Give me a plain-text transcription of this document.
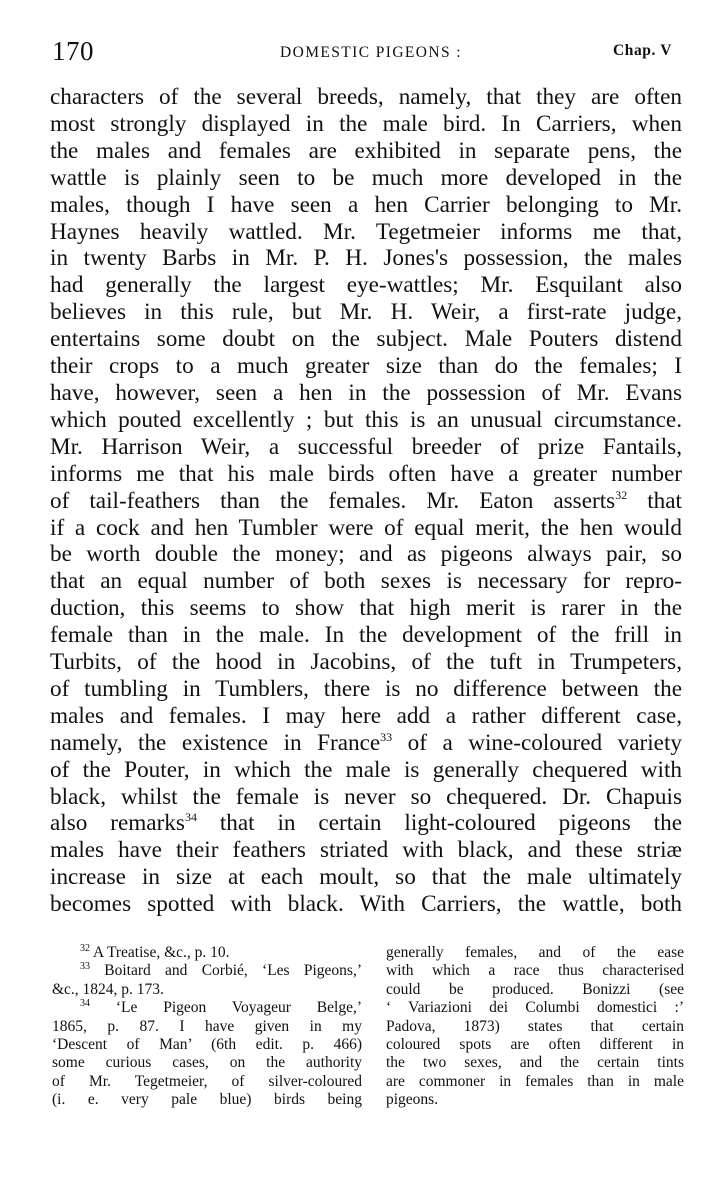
170	DOMESTIC PIGEONS :	Chap. V
characters of the several breeds, namely, that they are often
most strongly displayed in the male bird. In Carriers, when
the males and females are exhibited in separate pens, the
wattle is plainly seen to be much more developed in the
males, though I have seen a hen Carrier belonging to Mr.
Haynes heavily wattled. Mr. Tegetmeier informs me that,
in twenty Barbs in Mr. P. H. Jones's possession, the males
had generally the largest eye-wattles; Mr. Esquilant also
believes in this rule, but Mr. H. Weir, a first-rate judge,
entertains some doubt on the subject. Male Pouters distend
their crops to a much greater size than do the females; I
have, however, seen a hen in the possession of Mr. Evans
which pouted excellently ; but this is an unusual circumstance.
Mr. Harrison Weir, a successful breeder of prize Fantails,
informs me that his male birds often have a greater number
of tail-feathers than the females. Mr. Eaton asserts$^{32}$ that
if a cock and hen Tumbler were of equal merit, the hen would
be worth double the money; and as pigeons always pair, so
that an equal number of both sexes is necessary for repro-
duction, this seems to show that high merit is rarer in the
female than in the male. In the development of the frill in
Turbits, of the hood in Jacobins, of the tuft in Trumpeters,
of tumbling in Tumblers, there is no difference between the
males and females. I may here add a rather different case,
namely, the existence in France$^{33}$ of a wine-coloured variety
of the Pouter, in which the male is generally chequered with
black, whilst the female is never so chequered. Dr. Chapuis
also remarks$^{34}$ that in certain light-coloured pigeons the
males have their feathers striated with black, and these striæ
increase in size at each moult, so that the male ultimately
becomes spotted with black. With Carriers, the wattle, both
$^{32}$ A Treatise, &c., p. 10.
$^{33}$ Boitard and Corbié, ‘Les Pigeons,’
&c., 1824, p. 173.
$^{34}$ ‘Le Pigeon Voyageur Belge,’
1865, p. 87. I have given in my
‘Descent of Man’ (6th edit. p. 466)
some curious cases, on the authority
of Mr. Tegetmeier, of silver-coloured
(i. e. very pale blue) birds being
generally females, and of the ease
with which a race thus characterised
could be produced. Bonizzi (see
‘ Variazioni dei Columbi domestici :’
Padova, 1873) states that certain
coloured spots are often different in
the two sexes, and the certain tints
are commoner in females than in male
pigeons.
